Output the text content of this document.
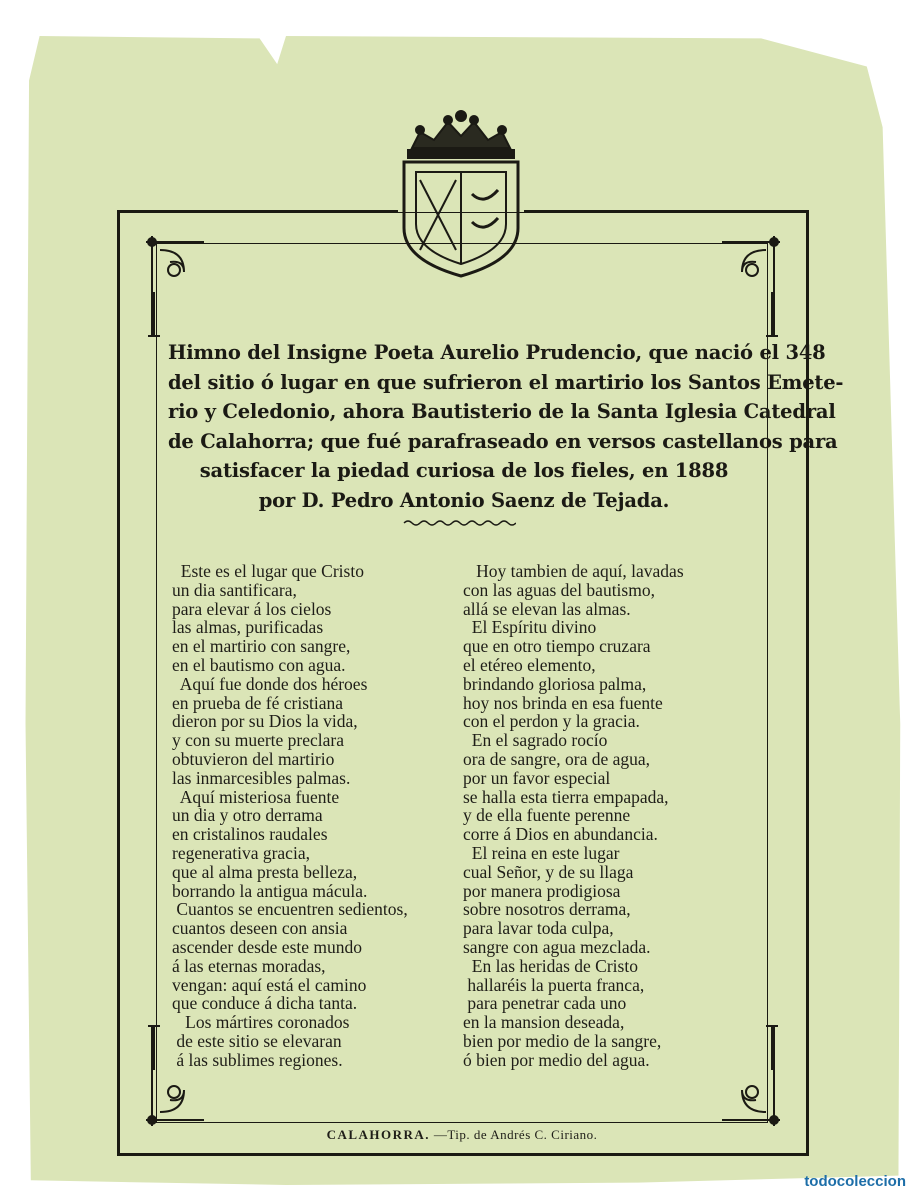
Himno del Insigne Poeta Aurelio Prudencio, que nació el 348
del sitio ó lugar en que sufrieron el martirio los Santos Emete-
rio y Celedonio, ahora Bautisterio de la Santa Iglesia Catedral
de Calahorra; que fué parafraseado en versos castellanos para
satisfacer la piedad curiosa de los fieles, en 1888
por D. Pedro Antonio Saenz de Tejada.
Este es el lugar que Cristo
un dia santificara,
para elevar á los cielos
las almas, purificadas
en el martirio con sangre,
en el bautismo con agua.
Aquí fue donde dos héroes
en prueba de fé cristiana
dieron por su Dios la vida,
y con su muerte preclara
obtuvieron del martirio
las inmarcesibles palmas.
Aquí misteriosa fuente
un dia y otro derrama
en cristalinos raudales
regenerativa gracia,
que al alma presta belleza,
borrando la antigua mácula.
Cuantos se encuentren sedientos,
cuantos deseen con ansia
ascender desde este mundo
á las eternas moradas,
vengan: aquí está el camino
que conduce á dicha tanta.
Los mártires coronados
de este sitio se elevaran
á las sublimes regiones.
Hoy tambien de aquí, lavadas
con las aguas del bautismo,
allá se elevan las almas.
El Espíritu divino
que en otro tiempo cruzara
el etéreo elemento,
brindando gloriosa palma,
hoy nos brinda en esa fuente
con el perdon y la gracia.
En el sagrado rocío
ora de sangre, ora de agua,
por un favor especial
se halla esta tierra empapada,
y de ella fuente perenne
corre á Dios en abundancia.
El reina en este lugar
cual Señor, y de su llaga
por manera prodigiosa
sobre nosotros derrama,
para lavar toda culpa,
sangre con agua mezclada.
En las heridas de Cristo
hallaréis la puerta franca,
para penetrar cada uno
en la mansion deseada,
bien por medio de la sangre,
ó bien por medio del agua.
CALAHORRA. —Tip. de Andrés C. Ciriano.
todocoleccion
